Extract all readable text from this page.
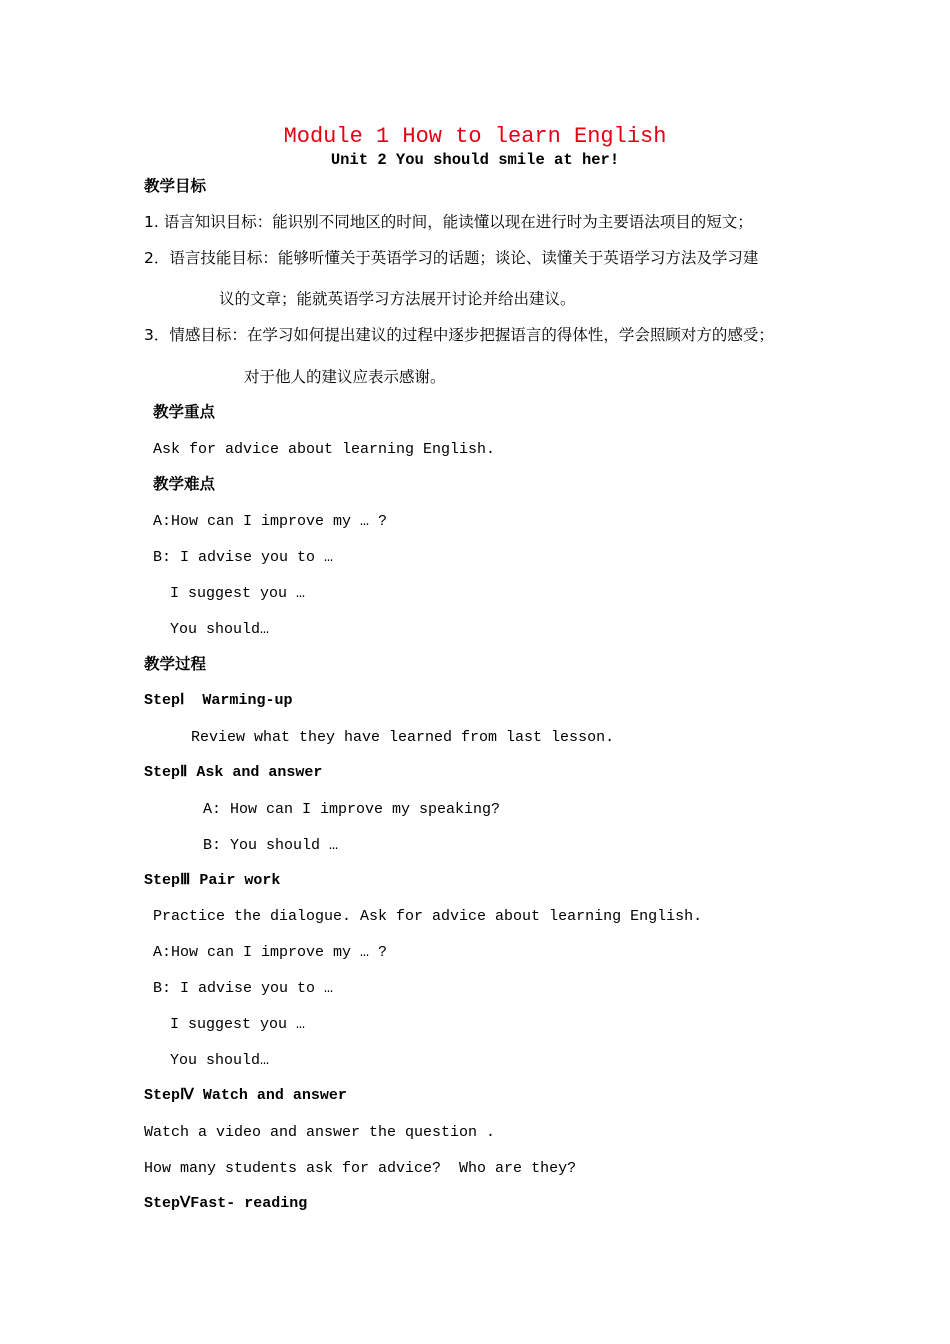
Module 1 How to learn English
Unit 2 You should smile at her!
教学目标
1. 语言知识目标：能识别不同地区的时间，能读懂以现在进行时为主要语法项目的短文；
2．语言技能目标：能够听懂关于英语学习的话题；谈论、读懂关于英语学习方法及学习建
议的文章；能就英语学习方法展开讨论并给出建议。
3．情感目标：在学习如何提出建议的过程中逐步把握语言的得体性，学会照顾对方的感受；
对于他人的建议应表示感谢。
教学重点
Ask for advice about learning English.
教学难点
A:How can I improve my … ?
B: I advise you to …
I suggest you …
You should…
教学过程
StepⅠ  Warming-up
Review what they have learned from last lesson.
StepⅡ Ask and answer
A: How can I improve my speaking?
B: You should …
StepⅢ Pair work
Practice the dialogue. Ask for advice about learning English.
A:How can I improve my … ?
B: I advise you to …
I suggest you …
You should…
StepⅣ Watch and answer
Watch a video and answer the question .
How many students ask for advice?  Who are they?
StepⅤFast- reading
